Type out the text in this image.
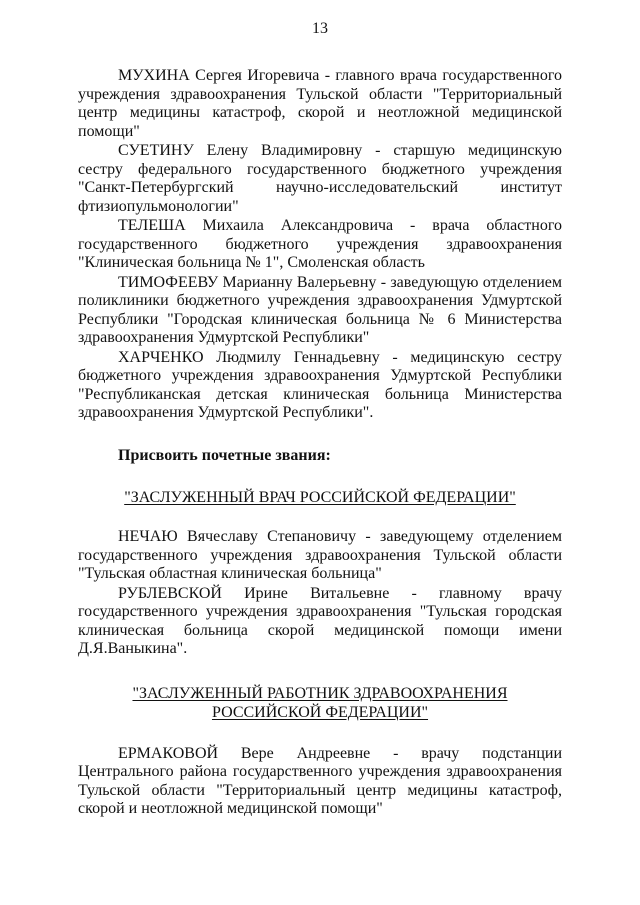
13

МУХИНА Сергея Игоревича - главного врача государственного учреждения здравоохранения Тульской области "Территориальный центр медицины катастроф, скорой и неотложной медицинской помощи"

СУЕТИНУ Елену Владимировну - старшую медицинскую сестру федерального государственного бюджетного учреждения "Санкт-Петербургский научно-исследовательский институт фтизиопульмонологии"

ТЕЛЕША Михаила Александровича - врача областного государственного бюджетного учреждения здравоохранения "Клиническая больница № 1", Смоленская область

ТИМОФЕЕВУ Марианну Валерьевну - заведующую отделением поликлиники бюджетного учреждения здравоохранения Удмуртской Республики "Городская клиническая больница № 6 Министерства здравоохранения Удмуртской Республики"

ХАРЧЕНКО Людмилу Геннадьевну - медицинскую сестру бюджетного учреждения здравоохранения Удмуртской Республики "Республиканская детская клиническая больница Министерства здравоохранения Удмуртской Республики".

Присвоить почетные звания:

"ЗАСЛУЖЕННЫЙ ВРАЧ РОССИЙСКОЙ ФЕДЕРАЦИИ"

НЕЧАЮ Вячеславу Степановичу - заведующему отделением государственного учреждения здравоохранения Тульской области "Тульская областная клиническая больница"

РУБЛЕВСКОЙ Ирине Витальевне - главному врачу государственного учреждения здравоохранения "Тульская городская клиническая больница скорой медицинской помощи имени Д.Я.Ваныкина".

"ЗАСЛУЖЕННЫЙ РАБОТНИК ЗДРАВООХРАНЕНИЯ

РОССИЙСКОЙ ФЕДЕРАЦИИ"

ЕРМАКОВОЙ Вере Андреевне - врачу подстанции Центрального района государственного учреждения здравоохранения Тульской области "Территориальный центр медицины катастроф, скорой и неотложной медицинской помощи"
